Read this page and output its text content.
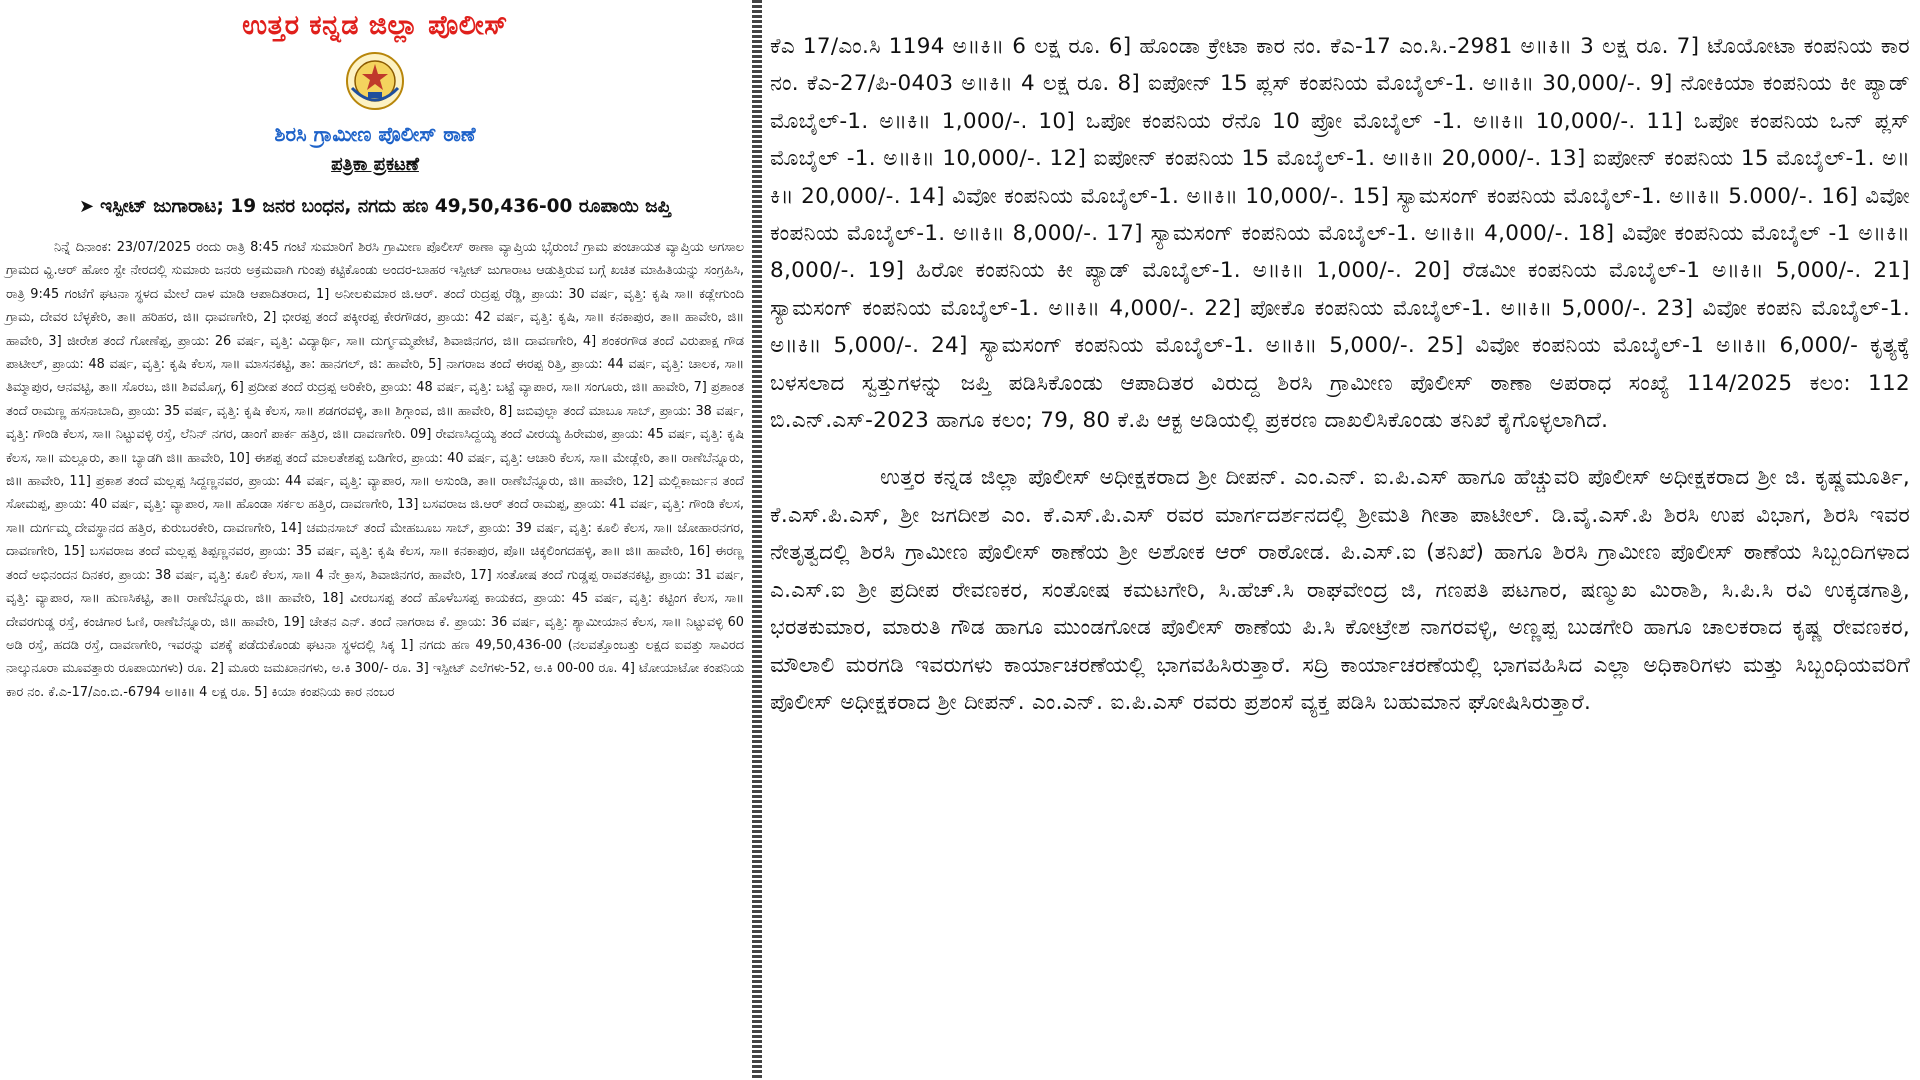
ಉತ್ತರ ಕನ್ನಡ ಜಿಲ್ಲಾ ಪೊಲೀಸ್
ಶಿರಸಿ ಗ್ರಾಮೀಣ ಪೊಲೀಸ್ ಠಾಣೆ
ಪತ್ರಿಕಾ ಪ್ರಕಟಣೆ
➤ ಇಸ್ಪೀಟ್ ಜುಗಾರಾಟ; 19 ಜನರ ಬಂಧನ, ನಗದು ಹಣ 49,50,436-00 ರೂಪಾಯಿ ಜಪ್ತಿ

ನಿನ್ನೆ ದಿನಾಂಕ: 23/07/2025 ರಂದು ರಾತ್ರಿ 8:45 ಗಂಟೆ ಸುಮಾರಿಗೆ ಶಿರಸಿ ಗ್ರಾಮೀಣ ಪೊಲೀಸ್ ಠಾಣಾ ವ್ಯಾಪ್ತಿಯ ಭೈರುಂಬೆ ಗ್ರಾಮ ಪಂಚಾಯತ ವ್ಯಾಪ್ತಿಯ ಅಗಸಾಲ ಗ್ರಾಮದ ವ್ಹಿ.ಆರ್ ಹೋಂ ಸ್ಟೇ ನೇರದಲ್ಲಿ ಸುಮಾರು ಜನರು ಅಕ್ರಮವಾಗಿ ಗುಂಪು ಕಟ್ಟಿಕೊಂಡು ಅಂದರ-ಬಾಹರ ಇಸ್ಪೀಟ್ ಜುಗಾರಾಟ ಆಡುತ್ತಿರುವ ಬಗ್ಗೆ ಖಚಿತ ಮಾಹಿತಿಯನ್ನು ಸಂಗ್ರಹಿಸಿ, ರಾತ್ರಿ 9:45 ಗಂಟೆಗೆ ಘಟನಾ ಸ್ಥಳದ ಮೇಲೆ ದಾಳ ಮಾಡಿ ಆಪಾದಿತರಾದ, 1] ಅನೀಲಕುಮಾರ ಜಿ.ಆರ್. ತಂದೆ ರುದ್ರಪ್ಪ ರೆಡ್ಡಿ, ಪ್ರಾಯ: 30 ವರ್ಷ, ವೃತ್ತಿ: ಕೃಷಿ ಸಾ॥ ಕಡ್ಲೇಗುಂದಿ ಗ್ರಾಮ, ದೇವರ ಬೆಳ್ಳಕೇರಿ, ತಾ॥ ಹರಿಹರ, ಜಿ॥ ಧಾವಣಗೇರಿ, 2] ಭೀರಪ್ಪ ತಂದೆ ಪಕ್ಕೀರಪ್ಪ ಕೇರಗೌಡರ, ಪ್ರಾಯ: 42 ವರ್ಷ, ವೃತ್ತಿ: ಕೃಷಿ, ಸಾ॥ ಕನಕಾಪುರ, ತಾ॥ ಹಾವೇರಿ, ಜಿ॥ ಹಾವೇರಿ, 3] ಜೀರೇಶ ತಂದೆ ಗೋಣೆಪ್ಪ, ಪ್ರಾಯ: 26 ವರ್ಷ, ವೃತ್ತಿ: ವಿದ್ಯಾರ್ಥಿ, ಸಾ॥ ದುರ್ಗ್ಮಮ್ಮಪೇಟೆ, ಶಿವಾಜಿನಗರ, ಜಿ॥ ದಾವಣಗೇರಿ, 4] ಶಂಕರಗೌಡ ತಂದೆ ವಿರುಪಾಕ್ಷ ಗೌಡ ಪಾಟೀಲ್, ಪ್ರಾಯ: 48 ವರ್ಷ, ವೃತ್ತಿ: ಕೃಷಿ ಕೆಲಸ, ಸಾ॥ ಮಾಸನಕಟ್ಟಿ, ತಾ: ಹಾನಗಲ್, ಜಿ: ಹಾವೇರಿ, 5] ನಾಗರಾಜ ತಂದೆ ಈರಪ್ಪ ರಿತ್ತಿ, ಪ್ರಾಯ: 44 ವರ್ಷ, ವೃತ್ತಿ: ಚಾಲಕ, ಸಾ॥ ತಿಮ್ಮಾಪುರ, ಆನವಟ್ಟಿ, ತಾ॥ ಸೊರಬ, ಜಿ॥ ಶಿವಮೊಗ್ಗ, 6] ಪ್ರದೀಪ ತಂದೆ ರುದ್ರಪ್ಪ ಅರಿಕೇರಿ, ಪ್ರಾಯ: 48 ವರ್ಷ, ವೃತ್ತಿ: ಬಟ್ಟೆ ವ್ಯಾಪಾರ, ಸಾ॥ ಸಂಗೂರು, ಜಿ॥ ಹಾವೇರಿ, 7] ಪ್ರಶಾಂತ ತಂದೆ ರಾಮಣ್ಣ ಹಸನಾಬಾದಿ, ಪ್ರಾಯ: 35 ವರ್ಷ, ವೃತ್ತಿ: ಕೃಷಿ ಕೆಲಸ, ಸಾ॥ ಶಡಗರವಳ್ಳಿ, ತಾ॥ ಶಿಗ್ಗಾಂವ, ಜಿ॥ ಹಾವೇರಿ, 8] ಜಬಿವುಲ್ಲಾ ತಂದೆ ಮಾಬೂ ಸಾಬ್, ಪ್ರಾಯ: 38 ವರ್ಷ, ವೃತ್ತಿ: ಗೌಂಡಿ ಕೆಲಸ, ಸಾ॥ ನಿಟ್ಟುವಳ್ಳಿ ರಸ್ತೆ, ಲೆನಿನ್ ನಗರ, ಡಾಂಗೆ ಪಾರ್ಕ ಹತ್ತಿರ, ಜಿ॥ ದಾವಣಗೇರಿ. 09] ರೇವಣಸಿದ್ದಯ್ಯ ತಂದೆ ವೀರಯ್ಯ ಹಿರೇಮಠ, ಪ್ರಾಯ: 45 ವರ್ಷ, ವೃತ್ತಿ: ಕೃಷಿ ಕೆಲಸ, ಸಾ॥ ಮಲ್ಲೂರು, ತಾ॥ ಬ್ಯಾಡಗಿ ಜಿ॥ ಹಾವೇರಿ, 10] ಈಶಪ್ಪ ತಂದೆ ಮಾಲತೇಶಪ್ಪ ಬಡಿಗೇರ, ಪ್ರಾಯ: 40 ವರ್ಷ, ವೃತ್ತಿ: ಆಚಾರಿ ಕೆಲಸ, ಸಾ॥ ಮೇಡ್ಲೇರಿ, ತಾ॥ ರಾಣೆಬೆನ್ನೂರು, ಜಿ॥ ಹಾವೇರಿ, 11] ಪ್ರಕಾಶ ತಂದೆ ಮಲ್ಲಪ್ಪ ಸಿದ್ದಣ್ಣನವರ, ಪ್ರಾಯ: 44 ವರ್ಷ, ವೃತ್ತಿ: ವ್ಯಾಪಾರ, ಸಾ॥ ಅಸುಂಡಿ, ತಾ॥ ರಾಣೆಬೆನ್ನೂರು, ಜಿ॥ ಹಾವೇರಿ, 12] ಮಲ್ಲಿಕಾರ್ಜುನ ತಂದೆ ಸೋಮಪ್ಪ, ಪ್ರಾಯ: 40 ವರ್ಷ, ವೃತ್ತಿ: ವ್ಯಾಪಾರ, ಸಾ॥ ಹೊಂಡಾ ಸರ್ಕಲ ಹತ್ತಿರ, ದಾವಣಗೇರಿ, 13] ಬಸವರಾಜ ಜಿ.ಆರ್ ತಂದೆ ರಾಮಪ್ಪ, ಪ್ರಾಯ: 41 ವರ್ಷ, ವೃತ್ತಿ: ಗೌಂಡಿ ಕೆಲಸ, ಸಾ॥ ದುರ್ಗಮ್ಮ ದೇವಸ್ಥಾನದ ಹತ್ತಿರ, ಕುರುಬರಕೇರಿ, ದಾವಣಗೇರಿ, 14] ಚಮನಸಾಬ್ ತಂದೆ ಮೇಹಬೂಬ ಸಾಬ್, ಪ್ರಾಯ: 39 ವರ್ಷ, ವೃತ್ತಿ: ಕೂಲಿ ಕೆಲಸ, ಸಾ॥ ಜೋಹಾರನಗರ, ದಾವಣಗೇರಿ, 15] ಬಸವರಾಜ ತಂದೆ ಮಲ್ಲಪ್ಪ ತಿಪ್ಪಣ್ಣನವರ, ಪ್ರಾಯ: 35 ವರ್ಷ, ವೃತ್ತಿ: ಕೃಷಿ ಕೆಲಸ, ಸಾ॥ ಕನಕಾಪುರ, ಪೊ॥ ಚಿಕ್ಕಲಿಂಗದಹಳ್ಳಿ, ತಾ॥ ಜಿ॥ ಹಾವೇರಿ, 16] ಈರಣ್ಣ ತಂದೆ ಅಭಿನಂದನ ದಿನಕರ, ಪ್ರಾಯ: 38 ವರ್ಷ, ವೃತ್ತಿ: ಕೂಲಿ ಕೆಲಸ, ಸಾ॥ 4 ನೇ ಕ್ರಾಸ, ಶಿವಾಜಿನಗರ, ಹಾವೇರಿ, 17] ಸಂತೋಷ ತಂದೆ ಗುಡ್ಡಪ್ಪ ರಾವತನಕಟ್ಟಿ, ಪ್ರಾಯ: 31 ವರ್ಷ, ವೃತ್ತಿ: ವ್ಯಾಪಾರ, ಸಾ॥ ಹುಣಸಿಕಟ್ಟಿ, ತಾ॥ ರಾಣೆಬೆನ್ನೂರು, ಜಿ॥ ಹಾವೇರಿ, 18] ವೀರಬಸಪ್ಪ ತಂದೆ ಹೊಳೆಬಸಪ್ಪ ಕಾಯಕದ, ಪ್ರಾಯ: 45 ವರ್ಷ, ವೃತ್ತಿ: ಕಟ್ಟಿಂಗ ಕೆಲಸ, ಸಾ॥ ದೇವರಗುಡ್ಡ ರಸ್ತೆ, ಕಂಚಿಗಾರ ಓಣಿ, ರಾಣೆಬೆನ್ನೂರು, ಜಿ॥ ಹಾವೇರಿ, 19] ಚೇತನ ಎನ್. ತಂದೆ ನಾಗರಾಜ ಕೆ. ಪ್ರಾಯ: 36 ವರ್ಷ, ವೃತ್ತಿ: ಶ್ಯಾಮೀಯಾನ ಕೆಲಸ, ಸಾ॥ ನಿಟ್ಟುವಳ್ಳಿ 60 ಅಡಿ ರಸ್ತೆ, ಹದಡಿ ರಸ್ತೆ, ದಾವಣಗೇರಿ, ಇವರನ್ನು ವಶಕ್ಕೆ ಪಡೆದುಕೊಂಡು ಘಟನಾ ಸ್ಥಳದಲ್ಲಿ ಸಿಕ್ಕ 1] ನಗದು ಹಣ 49,50,436-00 (ನಲವತ್ತೊಂಬತ್ತು ಲಕ್ಷದ ಐವತ್ತು ಸಾವಿರದ ನಾಲ್ಕುನೂರಾ ಮೂವತ್ತಾರು ರೂಪಾಯಿಗಳು) ರೂ. 2] ಮೂರು ಜಮಖಾನಗಳು, ಅ.ಕಿ 300/- ರೂ. 3] ಇಸ್ಪೀಟ್ ಎಲೆಗಳು-52, ಅ.ಕಿ 00-00 ರೂ. 4] ಟೋಯಾಟೋ ಕಂಪನಿಯ ಕಾರ ನಂ. ಕೆ.ಎ-17/ಎಂ.ಬಿ.-6794 ಅ॥ಕಿ॥ 4 ಲಕ್ಷ ರೂ. 5] ಕಿಯಾ ಕಂಪನಿಯ ಕಾರ ನಂಬರ

ಕೆಎ 17/ಎಂ.ಸಿ 1194 ಅ॥ಕಿ॥ 6 ಲಕ್ಷ ರೂ. 6] ಹೊಂಡಾ ಕ್ರೇಟಾ ಕಾರ ನಂ. ಕೆಎ-17 ಎಂ.ಸಿ.-2981 ಅ॥ಕಿ॥ 3 ಲಕ್ಷ ರೂ. 7] ಟೊಯೋಟಾ ಕಂಪನಿಯ ಕಾರ ನಂ. ಕೆಎ-27/ಪಿ-0403 ಅ॥ಕಿ॥ 4 ಲಕ್ಷ ರೂ. 8] ಐಪೋನ್ 15 ಪ್ಲಸ್ ಕಂಪನಿಯ ಮೊಬೈಲ್-1. ಅ॥ಕಿ॥ 30,000/-. 9] ನೋಕಿಯಾ ಕಂಪನಿಯ ಕೀ ಪ್ಯಾಡ್ ಮೊಬೈಲ್-1. ಅ॥ಕಿ॥ 1,000/-. 10] ಒಪೋ ಕಂಪನಿಯ ರೆನೊ 10 ಪ್ರೋ ಮೊಬೈಲ್ -1. ಅ॥ಕಿ॥ 10,000/-. 11] ಒಪೋ ಕಂಪನಿಯ ಒನ್ ಪ್ಲಸ್ ಮೊಬೈಲ್ -1. ಅ॥ಕಿ॥ 10,000/-. 12] ಐಪೋನ್ ಕಂಪನಿಯ 15 ಮೊಬೈಲ್-1. ಅ॥ಕಿ॥ 20,000/-. 13] ಐಪೋನ್ ಕಂಪನಿಯ 15 ಮೊಬೈಲ್-1. ಅ॥ಕಿ॥ 20,000/-. 14] ವಿವೋ ಕಂಪನಿಯ ಮೊಬೈಲ್-1. ಅ॥ಕಿ॥ 10,000/-. 15] ಸ್ಯಾಮಸಂಗ್ ಕಂಪನಿಯ ಮೊಬೈಲ್-1. ಅ॥ಕಿ॥ 5.000/-. 16] ವಿವೋ ಕಂಪನಿಯ ಮೊಬೈಲ್-1. ಅ॥ಕಿ॥ 8,000/-. 17] ಸ್ಯಾಮಸಂಗ್ ಕಂಪನಿಯ ಮೊಬೈಲ್-1. ಅ॥ಕಿ॥ 4,000/-. 18] ವಿವೋ ಕಂಪನಿಯ ಮೊಬೈಲ್ -1 ಅ॥ಕಿ॥ 8,000/-. 19] ಹಿರೋ ಕಂಪನಿಯ ಕೀ ಪ್ಯಾಡ್ ಮೊಬೈಲ್-1. ಅ॥ಕಿ॥ 1,000/-. 20] ರೆಡಮೀ ಕಂಪನಿಯ ಮೊಬೈಲ್-1 ಅ॥ಕಿ॥ 5,000/-. 21] ಸ್ಯಾಮಸಂಗ್ ಕಂಪನಿಯ ಮೊಬೈಲ್-1. ಅ॥ಕಿ॥ 4,000/-. 22] ಪೋಕೊ ಕಂಪನಿಯ ಮೊಬೈಲ್-1. ಅ॥ಕಿ॥ 5,000/-. 23] ವಿವೋ ಕಂಪನಿ ಮೊಬೈಲ್-1. ಅ॥ಕಿ॥ 5,000/-. 24] ಸ್ಯಾಮಸಂಗ್ ಕಂಪನಿಯ ಮೊಬೈಲ್-1. ಅ॥ಕಿ॥ 5,000/-. 25] ವಿವೋ ಕಂಪನಿಯ ಮೊಬೈಲ್-1 ಅ॥ಕಿ॥ 6,000/- ಕೃತ್ಯಕ್ಕೆ ಬಳಸಲಾದ ಸ್ವತ್ತುಗಳನ್ನು ಜಪ್ತಿ ಪಡಿಸಿಕೊಂಡು ಆಪಾದಿತರ ವಿರುದ್ದ ಶಿರಸಿ ಗ್ರಾಮೀಣ ಪೊಲೀಸ್ ಠಾಣಾ ಅಪರಾಧ ಸಂಖ್ಯೆ 114/2025 ಕಲಂ: 112 ಬಿ.ಎನ್.ಎಸ್-2023 ಹಾಗೂ ಕಲಂ; 79, 80 ಕೆ.ಪಿ ಆಕ್ಟ ಅಡಿಯಲ್ಲಿ ಪ್ರಕರಣ ದಾಖಲಿಸಿಕೊಂಡು ತನಿಖೆ ಕೈಗೊಳ್ಳಲಾಗಿದೆ.

ಉತ್ತರ ಕನ್ನಡ ಜಿಲ್ಲಾ ಪೊಲೀಸ್ ಅಧೀಕ್ಷಕರಾದ ಶ್ರೀ ದೀಪನ್. ಎಂ.ಎನ್. ಐ.ಪಿ.ಎಸ್ ಹಾಗೂ ಹೆಚ್ಚುವರಿ ಪೊಲೀಸ್ ಅಧೀಕ್ಷಕರಾದ ಶ್ರೀ ಜಿ. ಕೃಷ್ಣಮೂರ್ತಿ, ಕೆ.ಎಸ್.ಪಿ.ಎಸ್, ಶ್ರೀ ಜಗದೀಶ ಎಂ. ಕೆ.ಎಸ್.ಪಿ.ಎಸ್ ರವರ ಮಾರ್ಗದರ್ಶನದಲ್ಲಿ ಶ್ರೀಮತಿ ಗೀತಾ ಪಾಟೀಲ್. ಡಿ.ವೈ.ಎಸ್.ಪಿ ಶಿರಸಿ ಉಪ ವಿಭಾಗ, ಶಿರಸಿ ಇವರ ನೇತೃತ್ವದಲ್ಲಿ ಶಿರಸಿ ಗ್ರಾಮೀಣ ಪೊಲೀಸ್ ಠಾಣೆಯ ಶ್ರೀ ಅಶೋಕ ಆರ್ ರಾಠೋಡ. ಪಿ.ಎಸ್.ಐ (ತನಿಖೆ) ಹಾಗೂ ಶಿರಸಿ ಗ್ರಾಮೀಣ ಪೊಲೀಸ್ ಠಾಣೆಯ ಸಿಬ್ಬಂದಿಗಳಾದ ಎ.ಎಸ್.ಐ ಶ್ರೀ ಪ್ರದೀಪ ರೇವಣಕರ, ಸಂತೋಷ ಕಮಟಗೇರಿ, ಸಿ.ಹೆಚ್.ಸಿ ರಾಘವೇಂದ್ರ ಜಿ, ಗಣಪತಿ ಪಟಗಾರ, ಷಣ್ಮುಖ ಮಿರಾಶಿ, ಸಿ.ಪಿ.ಸಿ ರವಿ ಉಕ್ಕಡಗಾತ್ರಿ, ಭರತಕುಮಾರ, ಮಾರುತಿ ಗೌಡ ಹಾಗೂ ಮುಂಡಗೋಡ ಪೊಲೀಸ್ ಠಾಣೆಯ ಪಿ.ಸಿ ಕೋಟ್ರೇಶ ನಾಗರವಳ್ಳಿ, ಅಣ್ಣಪ್ಪ ಬುಡಗೇರಿ ಹಾಗೂ ಚಾಲಕರಾದ ಕೃಷ್ಣ ರೇವಣಕರ, ಮೌಲಾಲಿ ಮರಗಡಿ ಇವರುಗಳು ಕಾರ್ಯಾಚರಣೆಯಲ್ಲಿ ಭಾಗವಹಿಸಿರುತ್ತಾರೆ. ಸದ್ರಿ ಕಾರ್ಯಾಚರಣೆಯಲ್ಲಿ ಭಾಗವಹಿಸಿದ ಎಲ್ಲಾ ಅಧಿಕಾರಿಗಳು ಮತ್ತು ಸಿಬ್ಬಂಧಿಯವರಿಗೆ ಪೊಲೀಸ್ ಅಧೀಕ್ಷಕರಾದ ಶ್ರೀ ದೀಪನ್. ಎಂ.ಎನ್. ಐ.ಪಿ.ಎಸ್ ರವರು ಪ್ರಶಂಸೆ ವ್ಯಕ್ತ ಪಡಿಸಿ ಬಹುಮಾನ ಘೋಷಿಸಿರುತ್ತಾರೆ.
